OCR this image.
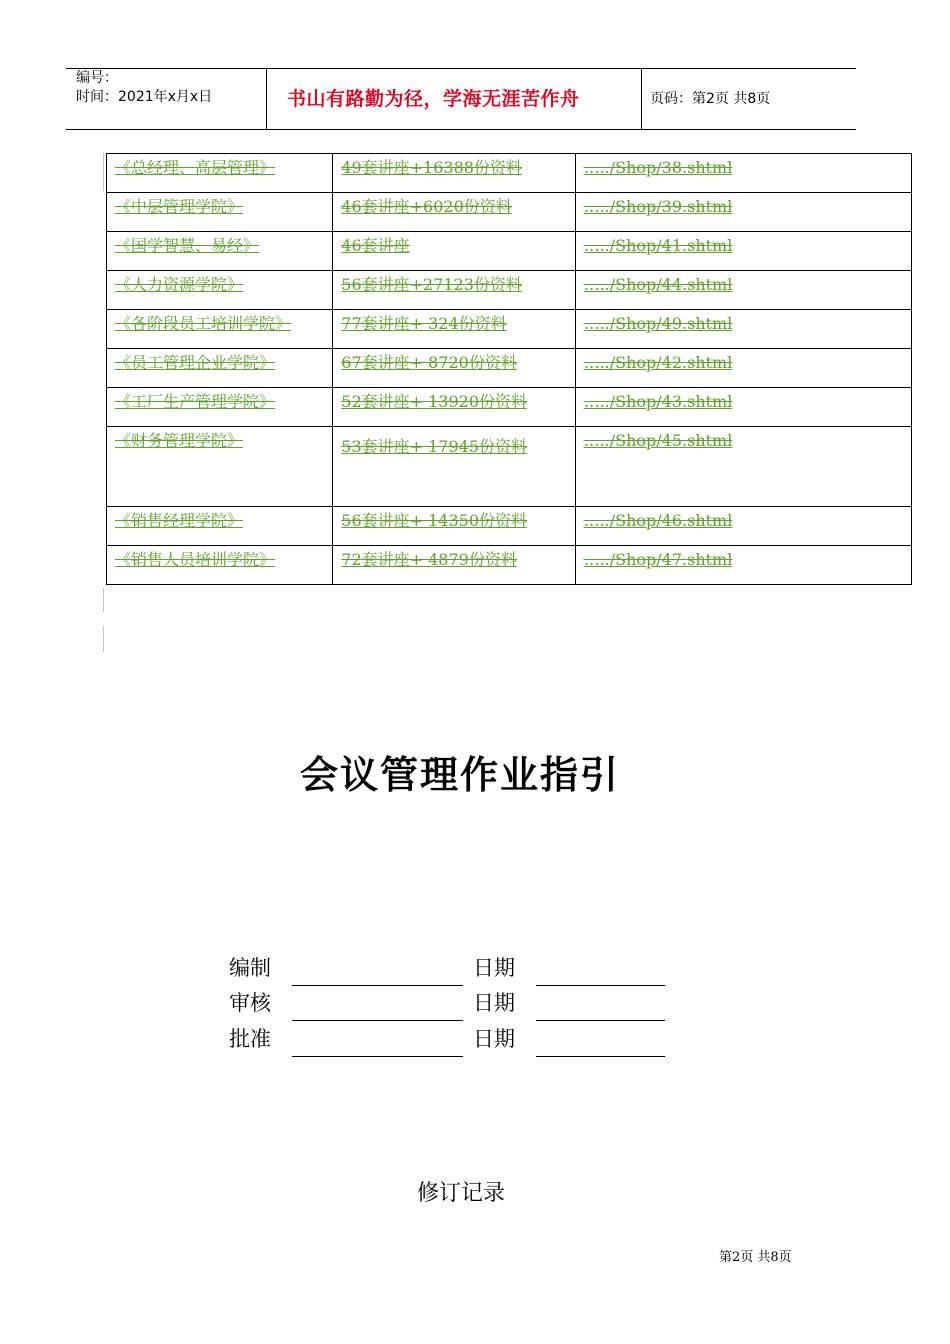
编号：
时间：2021年x月x日	书山有路勤为径，学海无涯苦作舟	页码：第2页 共8页
《总经理、高层管理》	49套讲座+16388份资料	…../Shop/38.shtml
《中层管理学院》	46套讲座+6020份资料	…../Shop/39.shtml
《国学智慧、易经》	46套讲座	…../Shop/41.shtml
《人力资源学院》	56套讲座+27123份资料	…../Shop/44.shtml
《各阶段员工培训学院》	77套讲座+ 324份资料	…../Shop/49.shtml
《员工管理企业学院》	67套讲座+ 8720份资料	…../Shop/42.shtml
《工厂生产管理学院》	52套讲座+ 13920份资料	…../Shop/43.shtml
《财务管理学院》	53套讲座+ 17945份资料	…../Shop/45.shtml
《销售经理学院》	56套讲座+ 14350份资料	…../Shop/46.shtml
《销售人员培训学院》	72套讲座+ 4879份资料	…../Shop/47.shtml
会议管理作业指引
编制	日期
审核	日期
批准	日期
修订记录
第2页 共8页
